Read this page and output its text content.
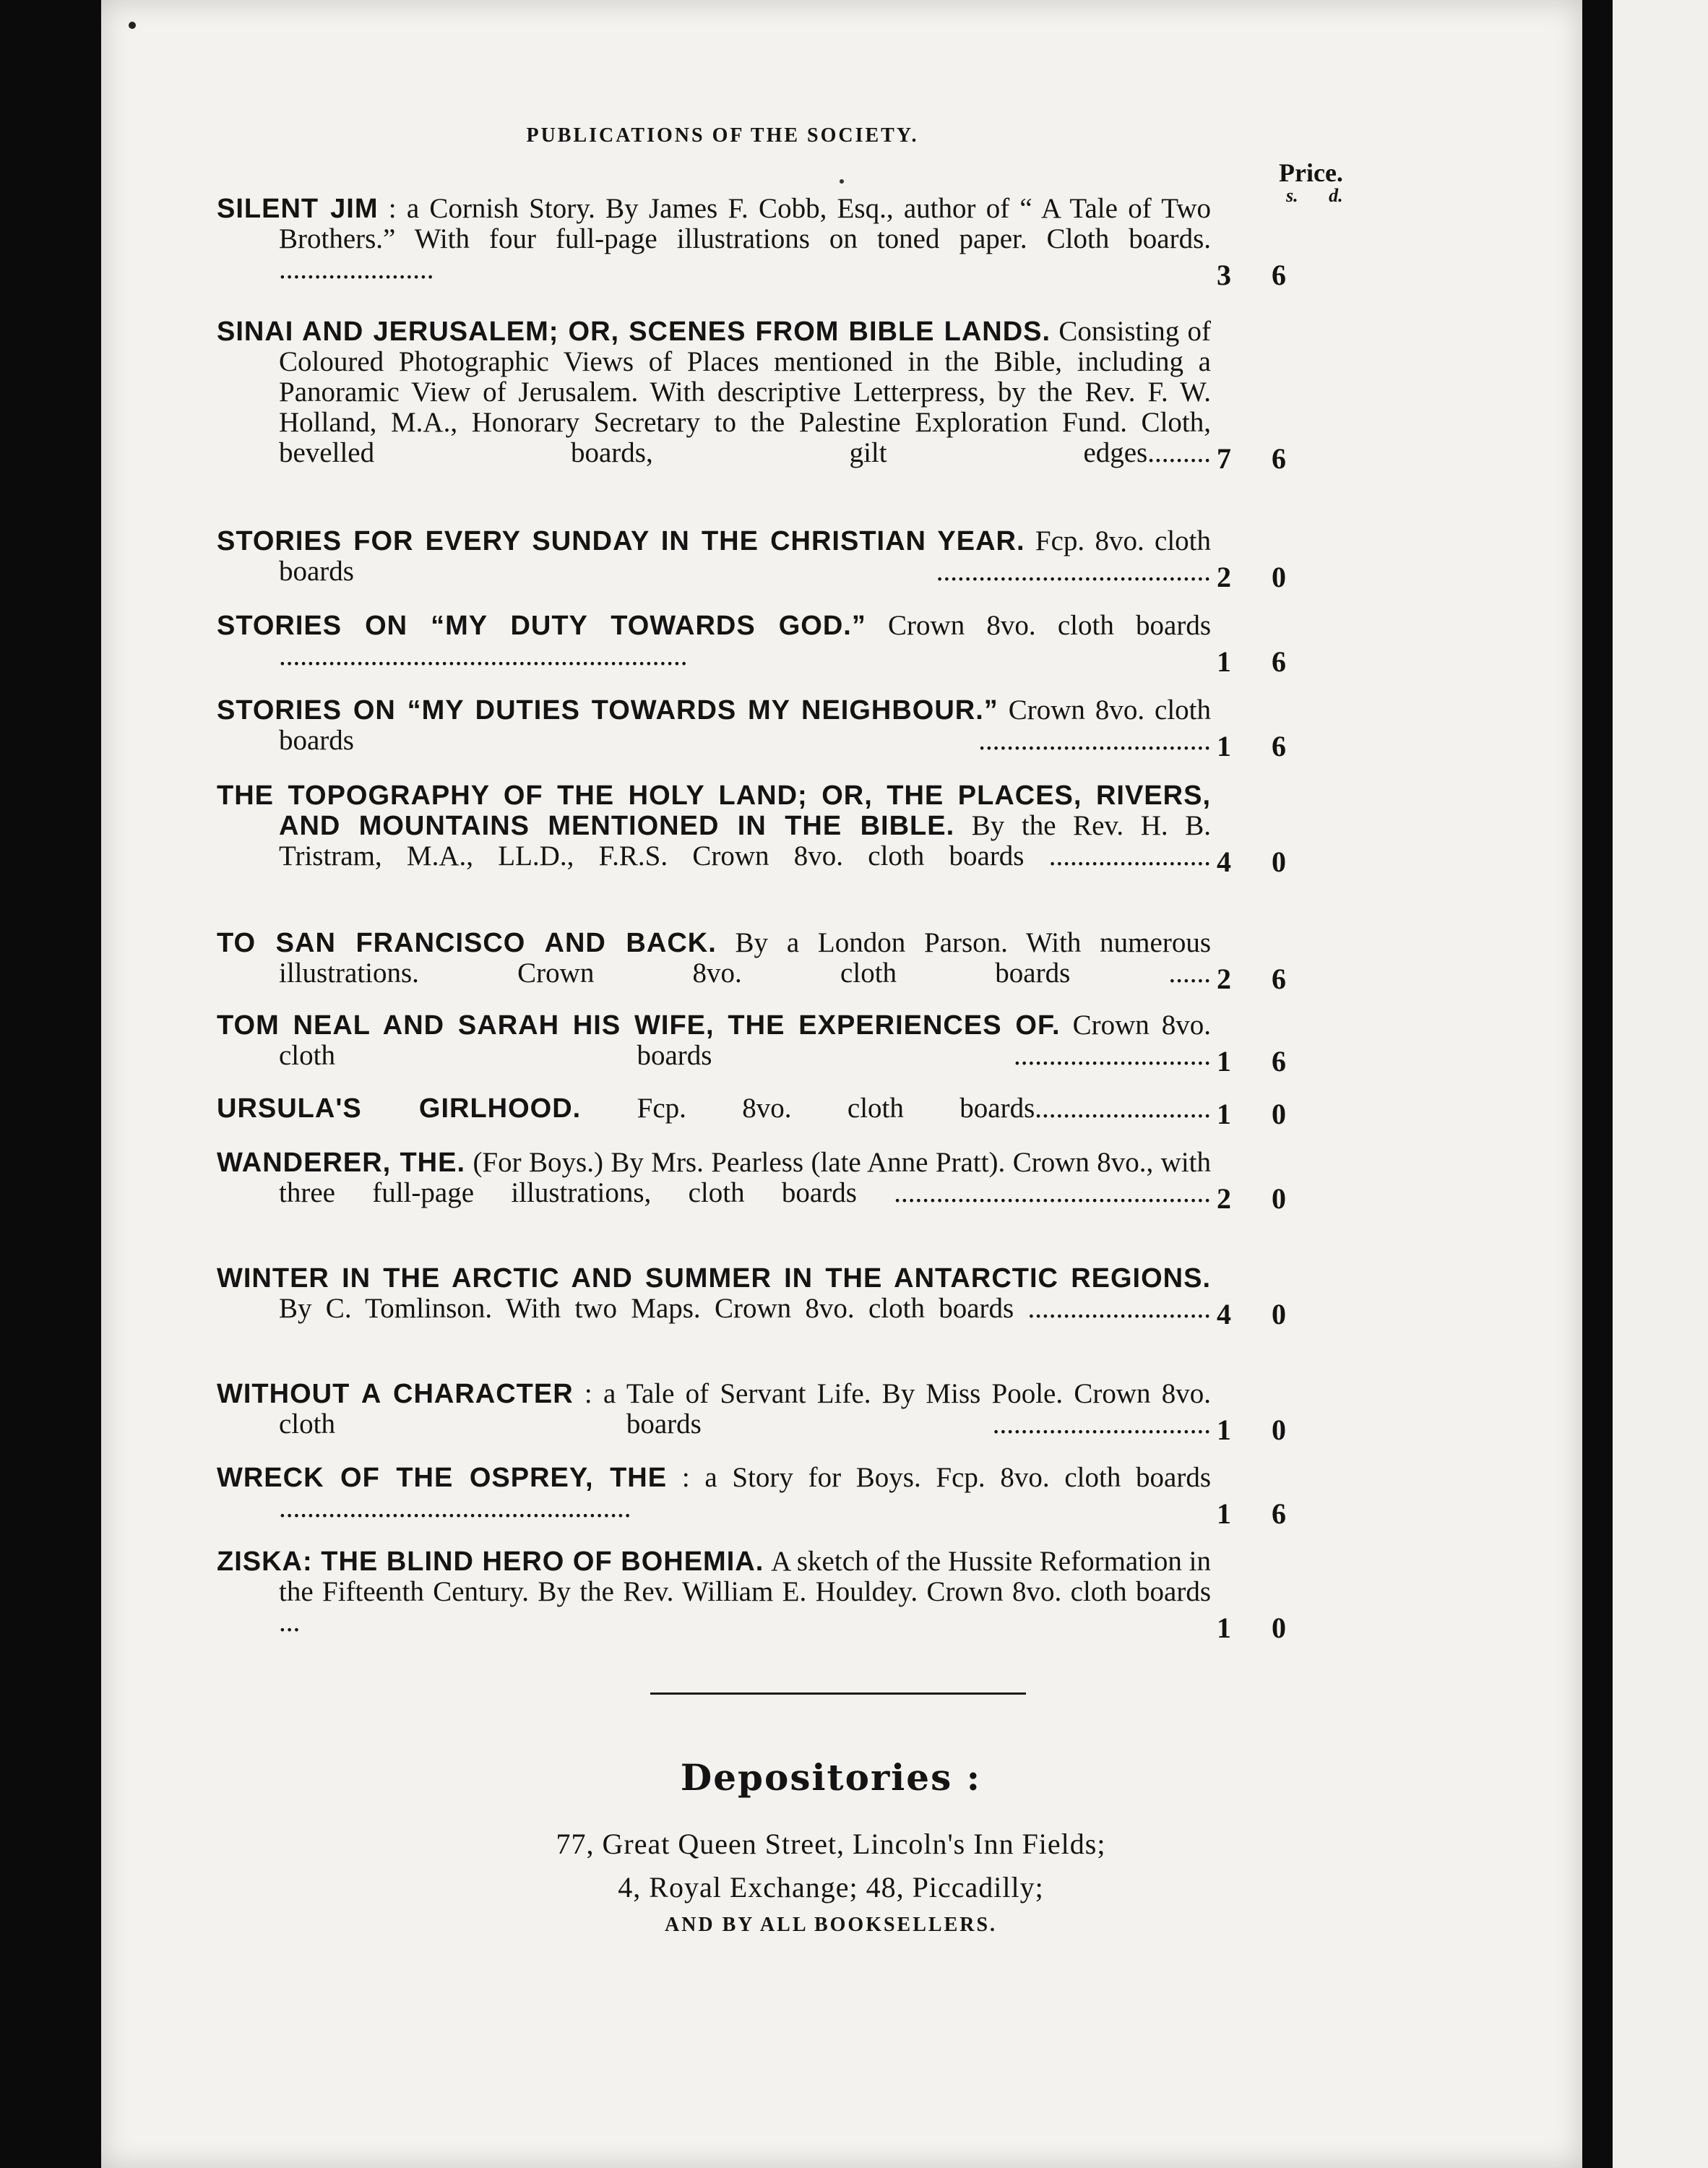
PUBLICATIONS OF THE SOCIETY.
Price.
s. d.
SILENT JIM : a Cornish Story. By James F. Cobb, Esq., author of “ A Tale of Two Brothers.” With four full-page illustrations on toned paper. Cloth boards. ......................	3 6
SINAI AND JERUSALEM; OR, SCENES FROM BIBLE LANDS. Consisting of Coloured Photographic Views of Places mentioned in the Bible, including a Panoramic View of Jerusalem. With descriptive Letterpress, by the Rev. F. W. Holland, M.A., Honorary Secretary to the Palestine Exploration Fund. Cloth, bevelled boards, gilt edges......... 7 6
STORIES FOR EVERY SUNDAY IN THE CHRISTIAN YEAR. Fcp. 8vo. cloth boards ....................................... 2 0
STORIES ON “MY DUTY TOWARDS GOD.” Crown 8vo. cloth boards ..........................................................	1 6
STORIES ON “MY DUTIES TOWARDS MY NEIGHBOUR.” Crown 8vo. cloth boards ................................. 1 6
THE TOPOGRAPHY OF THE HOLY LAND; OR, THE PLACES, RIVERS, AND MOUNTAINS MENTIONED IN THE BIBLE. By the Rev. H. B. Tristram, M.A., LL.D., F.R.S. Crown 8vo. cloth boards ....................... 4 0
TO SAN FRANCISCO AND BACK. By a London Parson. With numerous illustrations. Crown 8vo. cloth boards ...... 2 6
TOM NEAL AND SARAH HIS WIFE, THE EXPERIENCES OF. Crown 8vo. cloth boards ............................ 1 6
URSULA'S GIRLHOOD. Fcp. 8vo. cloth boards......................... 1 0
WANDERER, THE. (For Boys.) By Mrs. Pearless (late Anne Pratt). Crown 8vo., with three full-page illustrations, cloth boards ............................................. 2 0
WINTER IN THE ARCTIC AND SUMMER IN THE ANTARCTIC REGIONS. By C. Tomlinson. With two Maps. Crown 8vo. cloth boards .......................... 4 0
WITHOUT A CHARACTER : a Tale of Servant Life. By Miss Poole. Crown 8vo. cloth boards ............................... 1 0
WRECK OF THE OSPREY, THE : a Story for Boys. Fcp. 8vo. cloth boards ..................................................	1 6
ZISKA: THE BLIND HERO OF BOHEMIA. A sketch of the Hussite Reformation in the Fifteenth Century. By the Rev. William E. Houldey. Crown 8vo. cloth boards ...	1 0
Depositories :
77, Great Queen Street, Lincoln's Inn Fields;
4, Royal Exchange; 48, Piccadilly;
AND BY ALL BOOKSELLERS.
